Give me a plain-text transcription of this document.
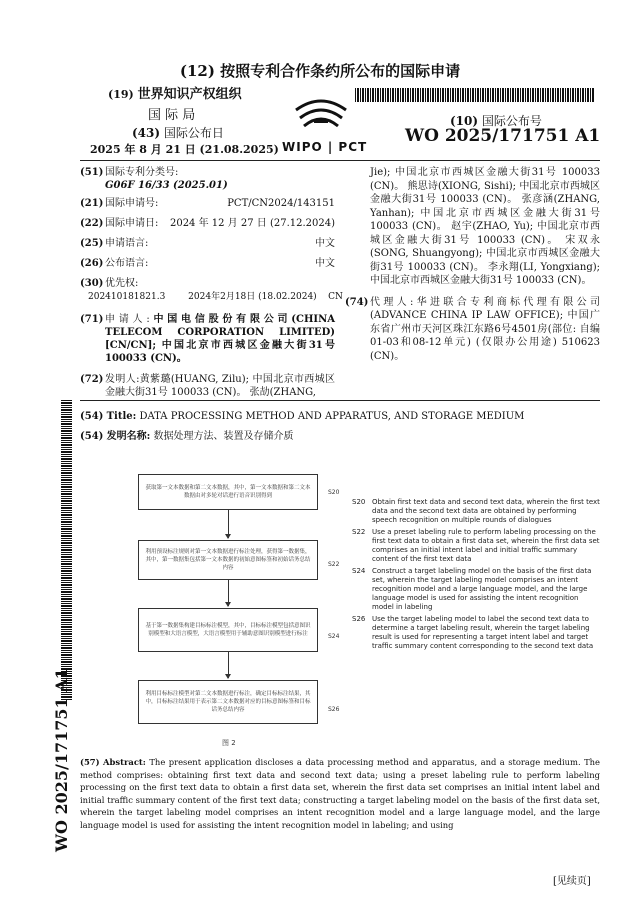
(12) 按照专利合作条约所公布的国际申请
(19) 世界知识产权组织
国 际 局
(43) 国际公布日
2025 年 8 月 21 日 (21.08.2025) WIPO | PCT
(10) 国际公布号
WO 2025/171751 A1
(51) 国际专利分类号:
G06F 16/33 (2025.01)
(21) 国际申请号:	PCT/CN2024/143151
(22) 国际申请日: 2024 年 12 月 27 日 (27.12.2024)
(25) 申请语言:	中文
(26) 公布语言:	中文
(30) 优先权:
202410181821.3        2024年2月18日 (18.02.2024)    CN
(71) 申请人:中国电信股份有限公司(CHINA TELECOM CORPORATION LIMITED) [CN/CN]; 中国北京市西城区金融大街31号 100033 (CN)。
(72) 发明人:黄紫璐(HUANG, Zilu); 中国北京市西城区金融大街31号 100033 (CN)。 张劼(ZHANG,
Jie); 中国北京市西城区金融大街31号 100033 (CN)。 熊思诗(XIONG, Sishi); 中国北京市西城区金融大街31号 100033 (CN)。 张彦涵(ZHANG, Yanhan); 中国北京市西城区金融大街31号 100033 (CN)。 赵宇(ZHAO, Yu); 中国北京市西城区金融大街31号 100033 (CN)。 宋双永(SONG, Shuangyong); 中国北京市西城区金融大街31号 100033 (CN)。 李永翔(LI, Yongxiang); 中国北京市西城区金融大街31号 100033 (CN)。
(74) 代理人:华进联合专利商标代理有限公司 (ADVANCE CHINA IP LAW OFFICE); 中国广东省广州市天河区珠江东路6号4501房(部位: 自编01-03和08-12单元) (仅限办公用途) 510623 (CN)。
(54) Title: DATA PROCESSING METHOD AND APPARATUS, AND STORAGE MEDIUM
(54) 发明名称: 数据处理方法、装置及存储介质
获取第一文本数据和第二文本数据，其中，第一文本数据和第二文本数据由对多轮对话进行语音识别得到	S20
利用预设标注规则对第一文本数据进行标注处理，获得第一数据集，其中，第一数据集包括第一文本数据的初始意图标签和初始话务总结内容	S22
基于第一数据集构建目标标注模型，其中，目标标注模型包括意图识别模型和大语言模型，大语言模型用于辅助意图识别模型进行标注	S24
利用目标标注模型对第二文本数据进行标注，确定目标标注结果，其中，目标标注结果用于表示第二文本数据对应的目标意图标签和目标话务总结内容	S26
图 2
S20 Obtain first text data and second text data, wherein the first text data and the second text data are obtained by performing speech recognition on multiple rounds of dialogues
S22 Use a preset labeling rule to perform labeling processing on the first text data to obtain a first data set, wherein the first data set comprises an initial intent label and initial traffic summary content of the first text data
S24 Construct a target labeling model on the basis of the first data set, wherein the target labeling model comprises an intent recognition model and a large language model, and the large language model is used for assisting the intent recognition model in labeling
S26 Use the target labeling model to label the second text data to determine a target labeling result, wherein the target labeling result is used for representing a target intent label and target traffic summary content corresponding to the second text data
(57) Abstract: The present application discloses a data processing method and apparatus, and a storage medium. The method comprises: obtaining first text data and second text data; using a preset labeling rule to perform labeling processing on the first text data to obtain a first data set, wherein the first data set comprises an initial intent label and initial traffic summary content of the first text data; constructing a target labeling model on the basis of the first data set, wherein the target labeling model comprises an intent recognition model and a large language model, and the large language model is used for assisting the intent recognition model in labeling; and using
WO 2025/171751 A1
[见续页]
